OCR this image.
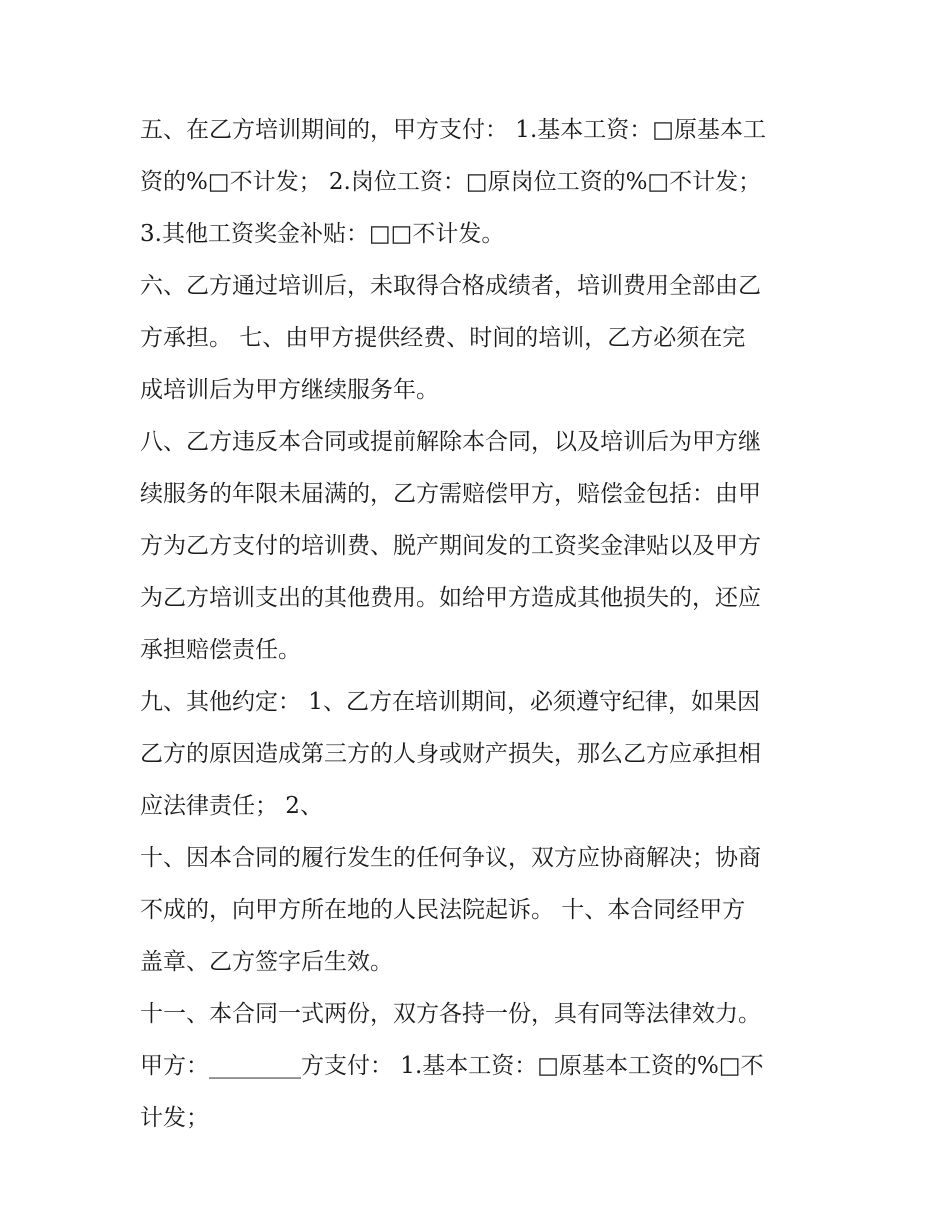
五、在乙方培训期间的，甲方支付： 1.基本工资：□原基本工
资的%□不计发； 2.岗位工资：□原岗位工资的%□不计发；
3.其他工资奖金补贴：□□不计发。
六、乙方通过培训后，未取得合格成绩者，培训费用全部由乙
方承担。 七、由甲方提供经费、时间的培训，乙方必须在完
成培训后为甲方继续服务年。
八、乙方违反本合同或提前解除本合同，以及培训后为甲方继
续服务的年限未届满的，乙方需赔偿甲方，赔偿金包括：由甲
方为乙方支付的培训费、脱产期间发的工资奖金津贴以及甲方
为乙方培训支出的其他费用。如给甲方造成其他损失的，还应
承担赔偿责任。
九、其他约定： 1、乙方在培训期间，必须遵守纪律，如果因
乙方的原因造成第三方的人身或财产损失，那么乙方应承担相
应法律责任； 2、
十、因本合同的履行发生的任何争议，双方应协商解决；协商
不成的，向甲方所在地的人民法院起诉。 十、本合同经甲方
盖章、乙方签字后生效。
十一、本合同一式两份，双方各持一份，具有同等法律效力。
甲方：________方支付： 1.基本工资：□原基本工资的%□不
计发；
